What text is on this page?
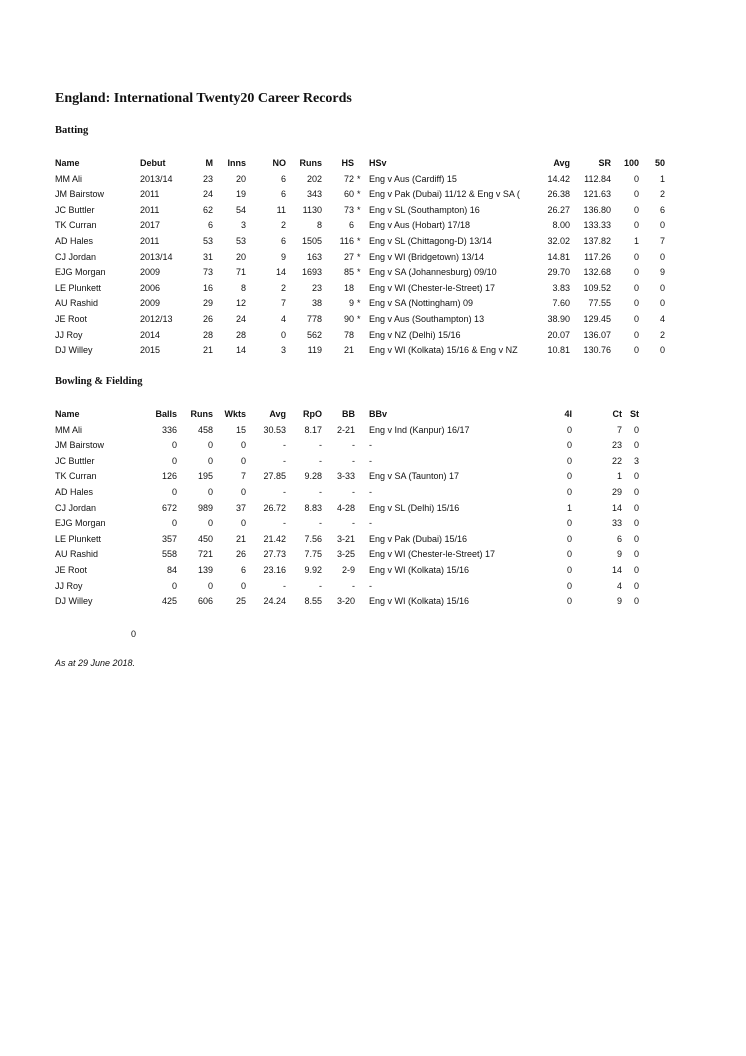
England: International Twenty20 Career Records
Batting
Name	Debut	M	Inns	NO	Runs	HS HSv	Avg	SR	100	50
MM Ali	2013/14	23	20	6	202	72 * Eng v Aus (Cardiff) 15	14.42	112.84	0	1
JM Bairstow	2011	24	19	6	343	60 * Eng v Pak (Dubai) 11/12 & Eng v SA (	26.38	121.63	0	2
JC Buttler	2011	62	54	11	1130	73 * Eng v SL (Southampton) 16	26.27	136.80	0	6
TK Curran	2017	6	3	2	8	6 Eng v Aus (Hobart) 17/18	8.00	133.33	0	0
AD Hales	2011	53	53	6	1505	116 * Eng v SL (Chittagong-D) 13/14	32.02	137.82	1	7
CJ Jordan	2013/14	31	20	9	163	27 * Eng v WI (Bridgetown) 13/14	14.81	117.26	0	0
EJG Morgan	2009	73	71	14	1693	85 * Eng v SA (Johannesburg) 09/10	29.70	132.68	0	9
LE Plunkett	2006	16	8	2	23	18 Eng v WI (Chester-le-Street) 17	3.83	109.52	0	0
AU Rashid	2009	29	12	7	38	9 * Eng v SA (Nottingham) 09	7.60	77.55	0	0
JE Root	2012/13	26	24	4	778	90 * Eng v Aus (Southampton) 13	38.90	129.45	0	4
JJ Roy	2014	28	28	0	562	78 Eng v NZ (Delhi) 15/16	20.07	136.07	0	2
DJ Willey	2015	21	14	3	119	21 Eng v WI (Kolkata) 15/16 & Eng v NZ	10.81	130.76	0	0
Bowling & Fielding
Name	Balls	Runs	Wkts	Avg	RpO	BB BBv	4I	Ct St
MM Ali	336	458	15	30.53	8.17	2-21 Eng v Ind (Kanpur) 16/17	0	7	0
JM Bairstow	0	0	0	-	-	- -	0	23	0
JC Buttler	0	0	0	-	-	- -	0	22	3
TK Curran	126	195	7	27.85	9.28	3-33 Eng v SA (Taunton) 17	0	1	0
AD Hales	0	0	0	-	-	- -	0	29	0
CJ Jordan	672	989	37	26.72	8.83	4-28 Eng v SL (Delhi) 15/16	1	14	0
EJG Morgan	0	0	0	-	-	- -	0	33	0
LE Plunkett	357	450	21	21.42	7.56	3-21 Eng v Pak (Dubai) 15/16	0	6	0
AU Rashid	558	721	26	27.73	7.75	3-25 Eng v WI (Chester-le-Street) 17	0	9	0
JE Root	84	139	6	23.16	9.92	2-9 Eng v WI (Kolkata) 15/16	0	14	0
JJ Roy	0	0	0	-	-	- -	0	4	0
DJ Willey	425	606	25	24.24	8.55	3-20 Eng v WI (Kolkata) 15/16	0	9	0
0
As at 29 June 2018.
